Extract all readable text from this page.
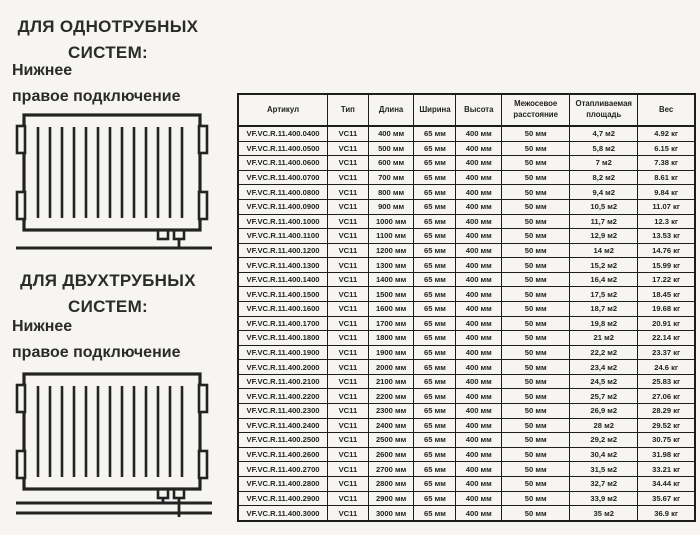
ДЛЯ ОДНОТРУБНЫХ
СИСТЕМ:
Нижнее
правое подключение
ДЛЯ ДВУХТРУБНЫХ
СИСТЕМ:
Нижнее
правое подключение
Артикул	Тип	Длина	Ширина	Высота	Межосевое расстояние	Отапливаемая площадь	Вес
VF.VC.R.11.400.0400	VC11	400 мм	65 мм	400 мм	50 мм	4,7 м2	4.92 кг
VF.VC.R.11.400.0500	VC11	500 мм	65 мм	400 мм	50 мм	5,8 м2	6.15 кг
VF.VC.R.11.400.0600	VC11	600 мм	65 мм	400 мм	50 мм	7 м2	7.38 кг
VF.VC.R.11.400.0700	VC11	700 мм	65 мм	400 мм	50 мм	8,2 м2	8.61 кг
VF.VC.R.11.400.0800	VC11	800 мм	65 мм	400 мм	50 мм	9,4 м2	9.84 кг
VF.VC.R.11.400.0900	VC11	900 мм	65 мм	400 мм	50 мм	10,5 м2	11.07 кг
VF.VC.R.11.400.1000	VC11	1000 мм	65 мм	400 мм	50 мм	11,7 м2	12.3 кг
VF.VC.R.11.400.1100	VC11	1100 мм	65 мм	400 мм	50 мм	12,9 м2	13.53 кг
VF.VC.R.11.400.1200	VC11	1200 мм	65 мм	400 мм	50 мм	14 м2	14.76 кг
VF.VC.R.11.400.1300	VC11	1300 мм	65 мм	400 мм	50 мм	15,2 м2	15.99 кг
VF.VC.R.11.400.1400	VC11	1400 мм	65 мм	400 мм	50 мм	16,4 м2	17.22 кг
VF.VC.R.11.400.1500	VC11	1500 мм	65 мм	400 мм	50 мм	17,5 м2	18.45 кг
VF.VC.R.11.400.1600	VC11	1600 мм	65 мм	400 мм	50 мм	18,7 м2	19.68 кг
VF.VC.R.11.400.1700	VC11	1700 мм	65 мм	400 мм	50 мм	19,8 м2	20.91 кг
VF.VC.R.11.400.1800	VC11	1800 мм	65 мм	400 мм	50 мм	21 м2	22.14 кг
VF.VC.R.11.400.1900	VC11	1900 мм	65 мм	400 мм	50 мм	22,2 м2	23.37 кг
VF.VC.R.11.400.2000	VC11	2000 мм	65 мм	400 мм	50 мм	23,4 м2	24.6 кг
VF.VC.R.11.400.2100	VC11	2100 мм	65 мм	400 мм	50 мм	24,5 м2	25.83 кг
VF.VC.R.11.400.2200	VC11	2200 мм	65 мм	400 мм	50 мм	25,7 м2	27.06 кг
VF.VC.R.11.400.2300	VC11	2300 мм	65 мм	400 мм	50 мм	26,9 м2	28.29 кг
VF.VC.R.11.400.2400	VC11	2400 мм	65 мм	400 мм	50 мм	28 м2	29.52 кг
VF.VC.R.11.400.2500	VC11	2500 мм	65 мм	400 мм	50 мм	29,2 м2	30.75 кг
VF.VC.R.11.400.2600	VC11	2600 мм	65 мм	400 мм	50 мм	30,4 м2	31.98 кг
VF.VC.R.11.400.2700	VC11	2700 мм	65 мм	400 мм	50 мм	31,5 м2	33.21 кг
VF.VC.R.11.400.2800	VC11	2800 мм	65 мм	400 мм	50 мм	32,7 м2	34.44 кг
VF.VC.R.11.400.2900	VC11	2900 мм	65 мм	400 мм	50 мм	33,9 м2	35.67 кг
VF.VC.R.11.400.3000	VC11	3000 мм	65 мм	400 мм	50 мм	35 м2	36.9 кг
